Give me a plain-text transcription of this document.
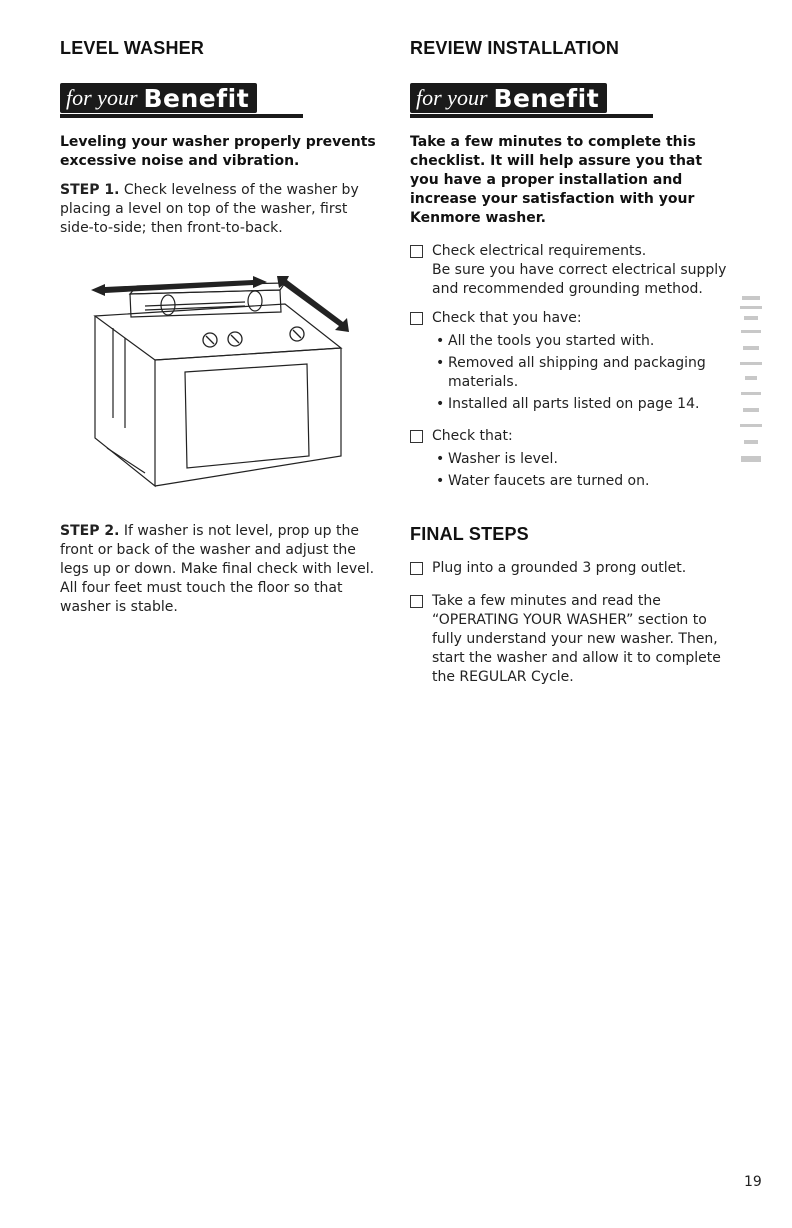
LEVEL WASHER
for your Benefit

Leveling your washer properly prevents excessive noise and vibration.

STEP 1. Check levelness of the washer by placing a level on top of the washer, first side-to-side; then front-to-back.

STEP 2. If washer is not level, prop up the front or back of the washer and adjust the legs up or down. Make final check with level. All four feet must touch the floor so that washer is stable.

REVIEW INSTALLATION
for your Benefit

Take a few minutes to complete this checklist. It will help assure you that you have a proper installation and increase your satisfaction with your Kenmore washer.

Check electrical requirements.
Be sure you have correct electrical supply and recommended grounding method.
Check that you have:
• All the tools you started with.
• Removed all shipping and packaging materials.
• Installed all parts listed on page 14.
Check that:
• Washer is level.
• Water faucets are turned on.
FINAL STEPS
Plug into a grounded 3 prong outlet.
Take a few minutes and read the “OPERATING YOUR WASHER” section to fully understand your new washer. Then, start the washer and allow it to complete the REGULAR Cycle.
19
